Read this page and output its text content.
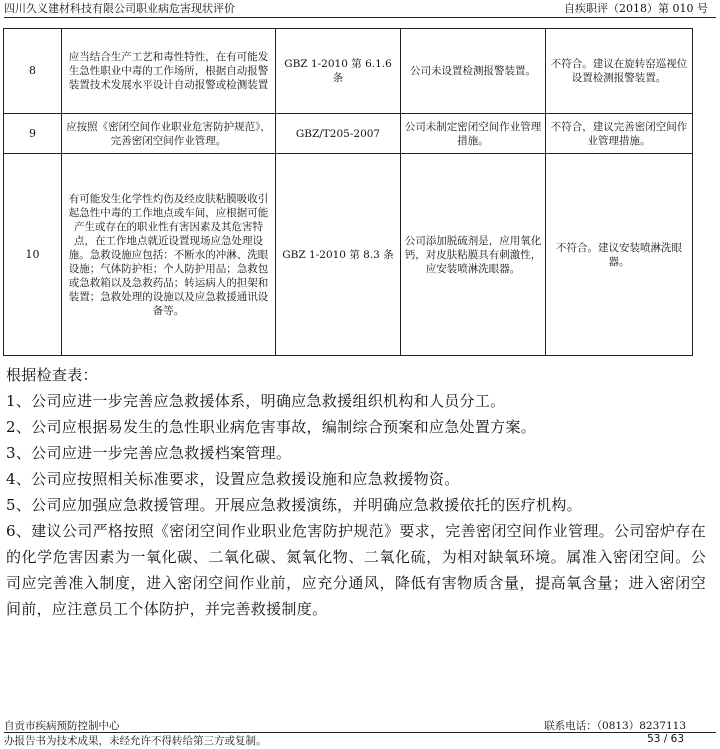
四川久义建材科技有限公司职业病危害现状评价	自疾职评（2018）第 010 号
8	应当结合生产工艺和毒性特性，在有可能发生急性职业中毒的工作场所，根据自动报警装置技术发展水平设计自动报警或检测装置	GBZ 1-2010 第 6.1.6 条	公司未设置检测报警装置。	不符合。建议在旋转窑巡视位设置检测报警装置。
9	应按照《密闭空间作业职业危害防护规范》，完善密闭空间作业管理。	GBZ/T205-2007	公司未制定密闭空间作业管理措施。	不符合，建议完善密闭空间作业管理措施。
10	有可能发生化学性灼伤及经皮肤粘膜吸收引起急性中毒的工作地点或车间，应根据可能产生或存在的职业性有害因素及其危害特点，在工作地点就近设置现场应急处理设施。急救设施应包括：不断水的冲淋、洗眼设施；气体防护柜；个人防护用品；急救包或急救箱以及急救药品；转运病人的担架和装置；急救处理的设施以及应急救援通讯设备等。	GBZ 1-2010 第 8.3 条	公司添加脱硫剂是，应用氧化钙，对皮肤粘膜具有刺激性，应安装喷淋洗眼器。	不符合。建议安装喷淋洗眼器。

根据检查表：

1、公司应进一步完善应急救援体系，明确应急救援组织机构和人员分工。

2、公司应根据易发生的急性职业病危害事故，编制综合预案和应急处置方案。

3、公司应进一步完善应急救援档案管理。

4、公司应按照相关标准要求，设置应急救援设施和应急救援物资。

5、公司应加强应急救援管理。开展应急救援演练，并明确应急救援依托的医疗机构。

6、建议公司严格按照《密闭空间作业职业危害防护规范》要求，完善密闭空间作业管理。公司窑炉存在的化学危害因素为一氧化碳、二氧化碳、氮氧化物、二氧化硫，为相对缺氧环境。属准入密闭空间。公司应完善准入制度，进入密闭空间作业前，应充分通风，降低有害物质含量，提高氧含量；进入密闭空间前，应注意员工个体防护，并完善救援制度。

自贡市疾病预防控制中心	联系电话：（0813）8237113
办报告书为技术成果，未经允许不得转给第三方或复制。	53 / 63
